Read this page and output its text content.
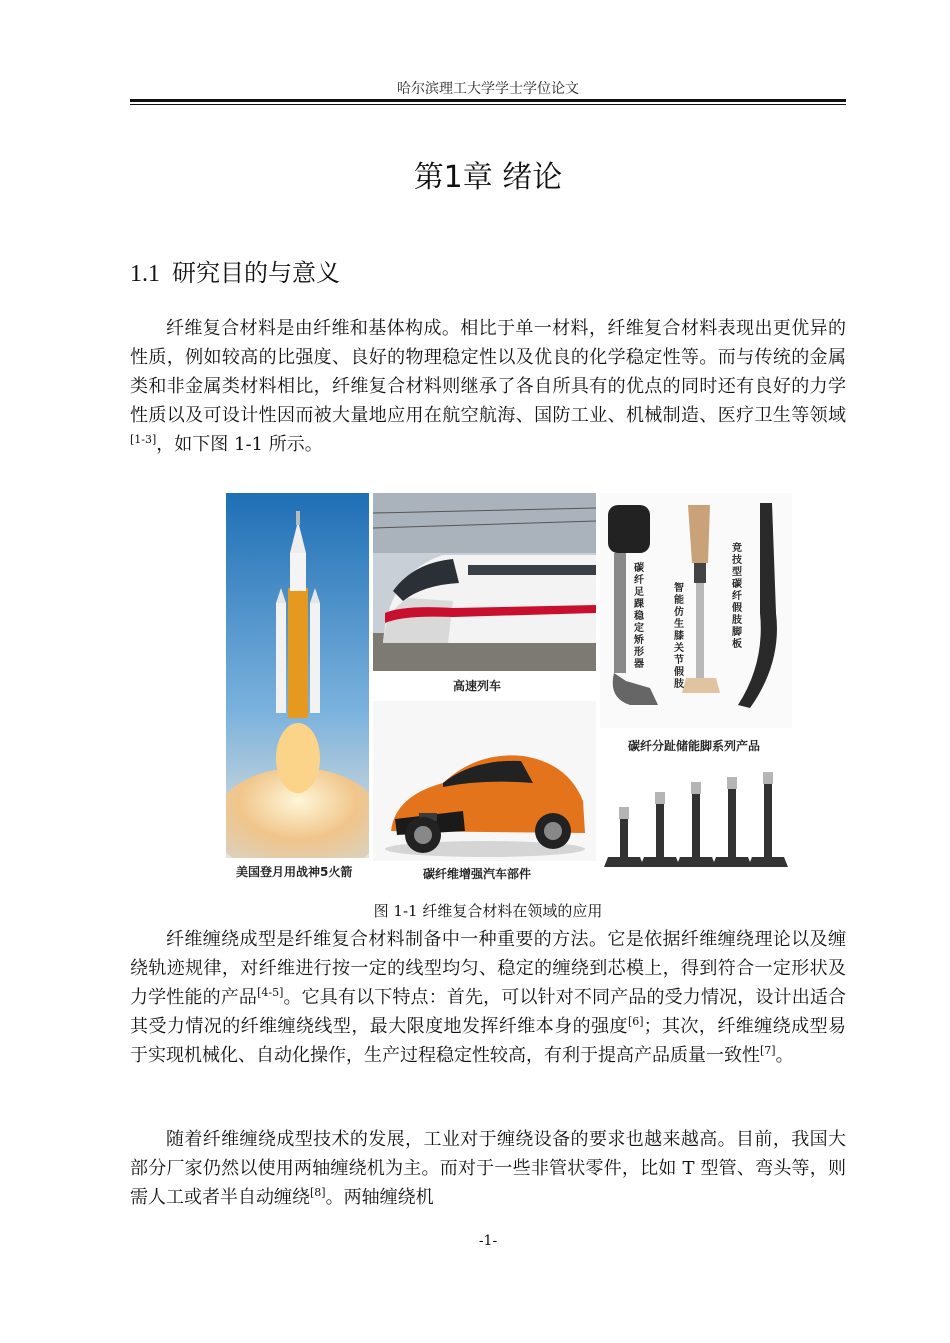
哈尔滨理工大学学士学位论文
第1章 绪论
1.1 研究目的与意义

纤维复合材料是由纤维和基体构成。相比于单一材料，纤维复合材料表现出更优异的性质，例如较高的比强度、良好的物理稳定性以及优良的化学稳定性等。而与传统的金属类和非金属类材料相比，纤维复合材料则继承了各自所具有的优点的同时还有良好的力学性质以及可设计性因而被大量地应用在航空航海、国防工业、机械制造、医疗卫生等领域[1-3]，如下图 1-1 所示。

美国登月用战神5火箭
高速列车
碳纤维增强汽车部件
碳纤足踝稳定矫形器
智能仿生膝关节假肢
竞技型碳纤假肢脚板
碳纤分趾储能脚系列产品
图 1-1 纤维复合材料在领域的应用

纤维缠绕成型是纤维复合材料制备中一种重要的方法。它是依据纤维缠绕理论以及缠绕轨迹规律，对纤维进行按一定的线型均匀、稳定的缠绕到芯模上，得到符合一定形状及力学性能的产品[4-5]。它具有以下特点：首先，可以针对不同产品的受力情况，设计出适合其受力情况的纤维缠绕线型，最大限度地发挥纤维本身的强度[6]；其次，纤维缠绕成型易于实现机械化、自动化操作，生产过程稳定性较高，有利于提高产品质量一致性[7]。

随着纤维缠绕成型技术的发展，工业对于缠绕设备的要求也越来越高。目前，我国大部分厂家仍然以使用两轴缠绕机为主。而对于一些非管状零件，比如 T 型管、弯头等，则需人工或者半自动缠绕[8]。两轴缠绕机

-1-
